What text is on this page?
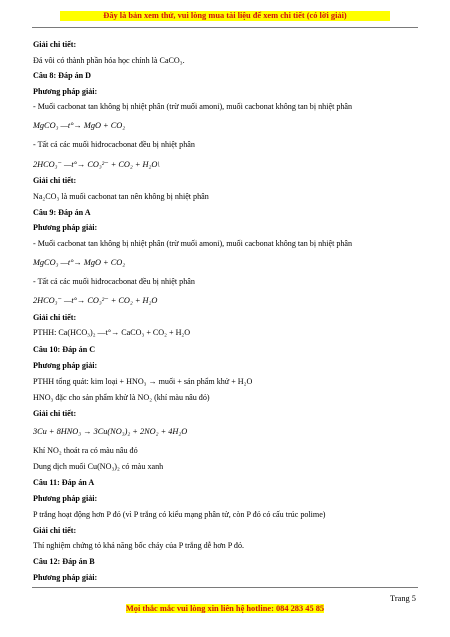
Đây là bản xem thử, vui lòng mua tài liệu để xem chi tiết (có lời giải)
Giải chi tiết:
Đá vôi có thành phần hóa học chính là CaCO₃.
Câu 8: Đáp án D
Phương pháp giải:
- Muối cacbonat tan không bị nhiệt phân (trừ muối amoni), muối cacbonat không tan bị nhiệt phân
MgCO₃ —t°→ MgO + CO₂
- Tất cả các muối hiđrocacbonat đều bị nhiệt phân
2HCO₃⁻ —t°→ CO₃²⁻ + CO₂ + H₂O\
Giải chi tiết:
Na₂CO₃ là muối cacbonat tan nên không bị nhiệt phân
Câu 9: Đáp án A
Phương pháp giải:
- Muối cacbonat tan không bị nhiệt phân (trừ muối amoni), muối cacbonat không tan bị nhiệt phân
MgCO₃ —t°→ MgO + CO₂
- Tất cả các muối hiđrocacbonat đều bị nhiệt phân
2HCO₃⁻ —t°→ CO₃²⁻ + CO₂ + H₂O
Giải chi tiết:
PTHH: Ca(HCO₃)₂ —t°→ CaCO₃ + CO₂ + H₂O
Câu 10: Đáp án C
Phương pháp giải:
PTHH tổng quát: kim loại + HNO₃ → muối + sản phẩm khử + H₂O
HNO₃ đặc cho sản phẩm khử là NO₂ (khí màu nâu đỏ)
Giải chi tiết:
3Cu + 8HNO₃ → 3Cu(NO₃)₂ + 2NO₂ + 4H₂O
Khí NO₂ thoát ra có màu nâu đỏ
Dung dịch muối Cu(NO₃)₂ có màu xanh
Câu 11: Đáp án A
Phương pháp giải:
P trắng hoạt động hơn P đỏ (vì P trắng có kiểu mạng phân tử, còn P đỏ có cấu trúc polime)
Giải chi tiết:
Thí nghiệm chứng tỏ khả năng bốc cháy của P trắng dễ hơn P đỏ.
Câu 12: Đáp án B
Phương pháp giải:
Trang 5
Mọi thắc mắc vui lòng xin liên hệ hotline: 084 283 45 85
